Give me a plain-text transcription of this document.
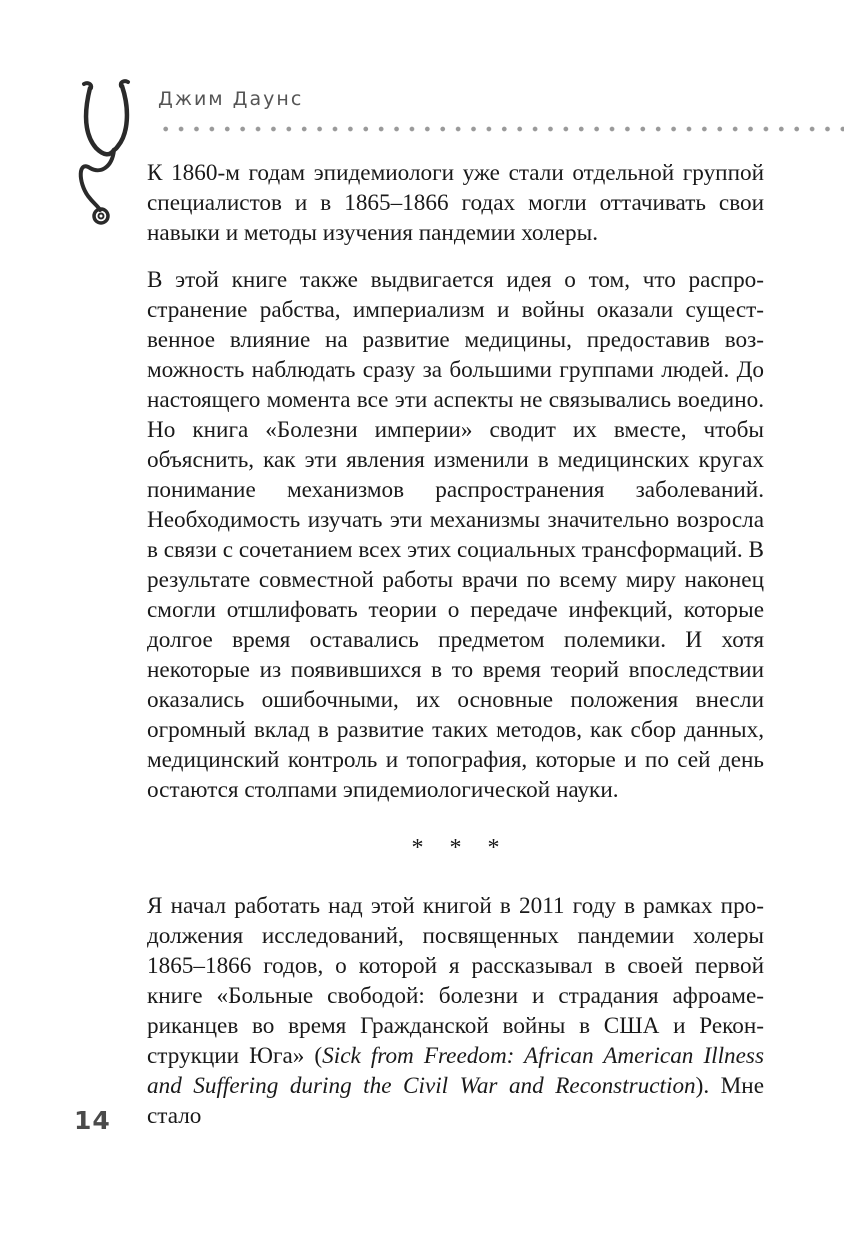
Джим Даунс

К 1860-м годам эпидемиологи уже стали отдельной группой специалистов и в 1865–1866 годах могли оттачивать свои навыки и методы изучения пандемии холеры.

В этой книге также выдвигается идея о том, что распространение рабства, империализм и войны оказали существенное влияние на развитие медицины, предоставив возможность наблюдать сразу за большими группами людей. До настоящего момента все эти аспекты не связывались воедино. Но книга «Болезни империи» сводит их вместе, чтобы объяснить, как эти явления изменили в медицинских кругах понимание механизмов распространения заболеваний. Необходимость изучать эти механизмы значительно возросла в связи с сочетанием всех этих социальных трансформаций. В результате совместной работы врачи по всему миру наконец смогли отшлифовать теории о передаче инфекций, которые долгое время оставались предметом полемики. И хотя некоторые из появившихся в то время теорий впоследствии оказались ошибочными, их основные положения внесли огромный вклад в развитие таких методов, как сбор данных, медицинский контроль и топография, которые и по сей день остаются столпами эпидемиологической науки.

* * *

Я начал работать над этой книгой в 2011 году в рамках продолжения исследований, посвященных пандемии холеры 1865–1866 годов, о которой я рассказывал в своей первой книге «Больные свободой: болезни и страдания афроамериканцев во время Гражданской войны в США и Реконструкции Юга» (Sick from Freedom: African American Illness and Suffering during the Civil War and Reconstruction). Мне стало

14
